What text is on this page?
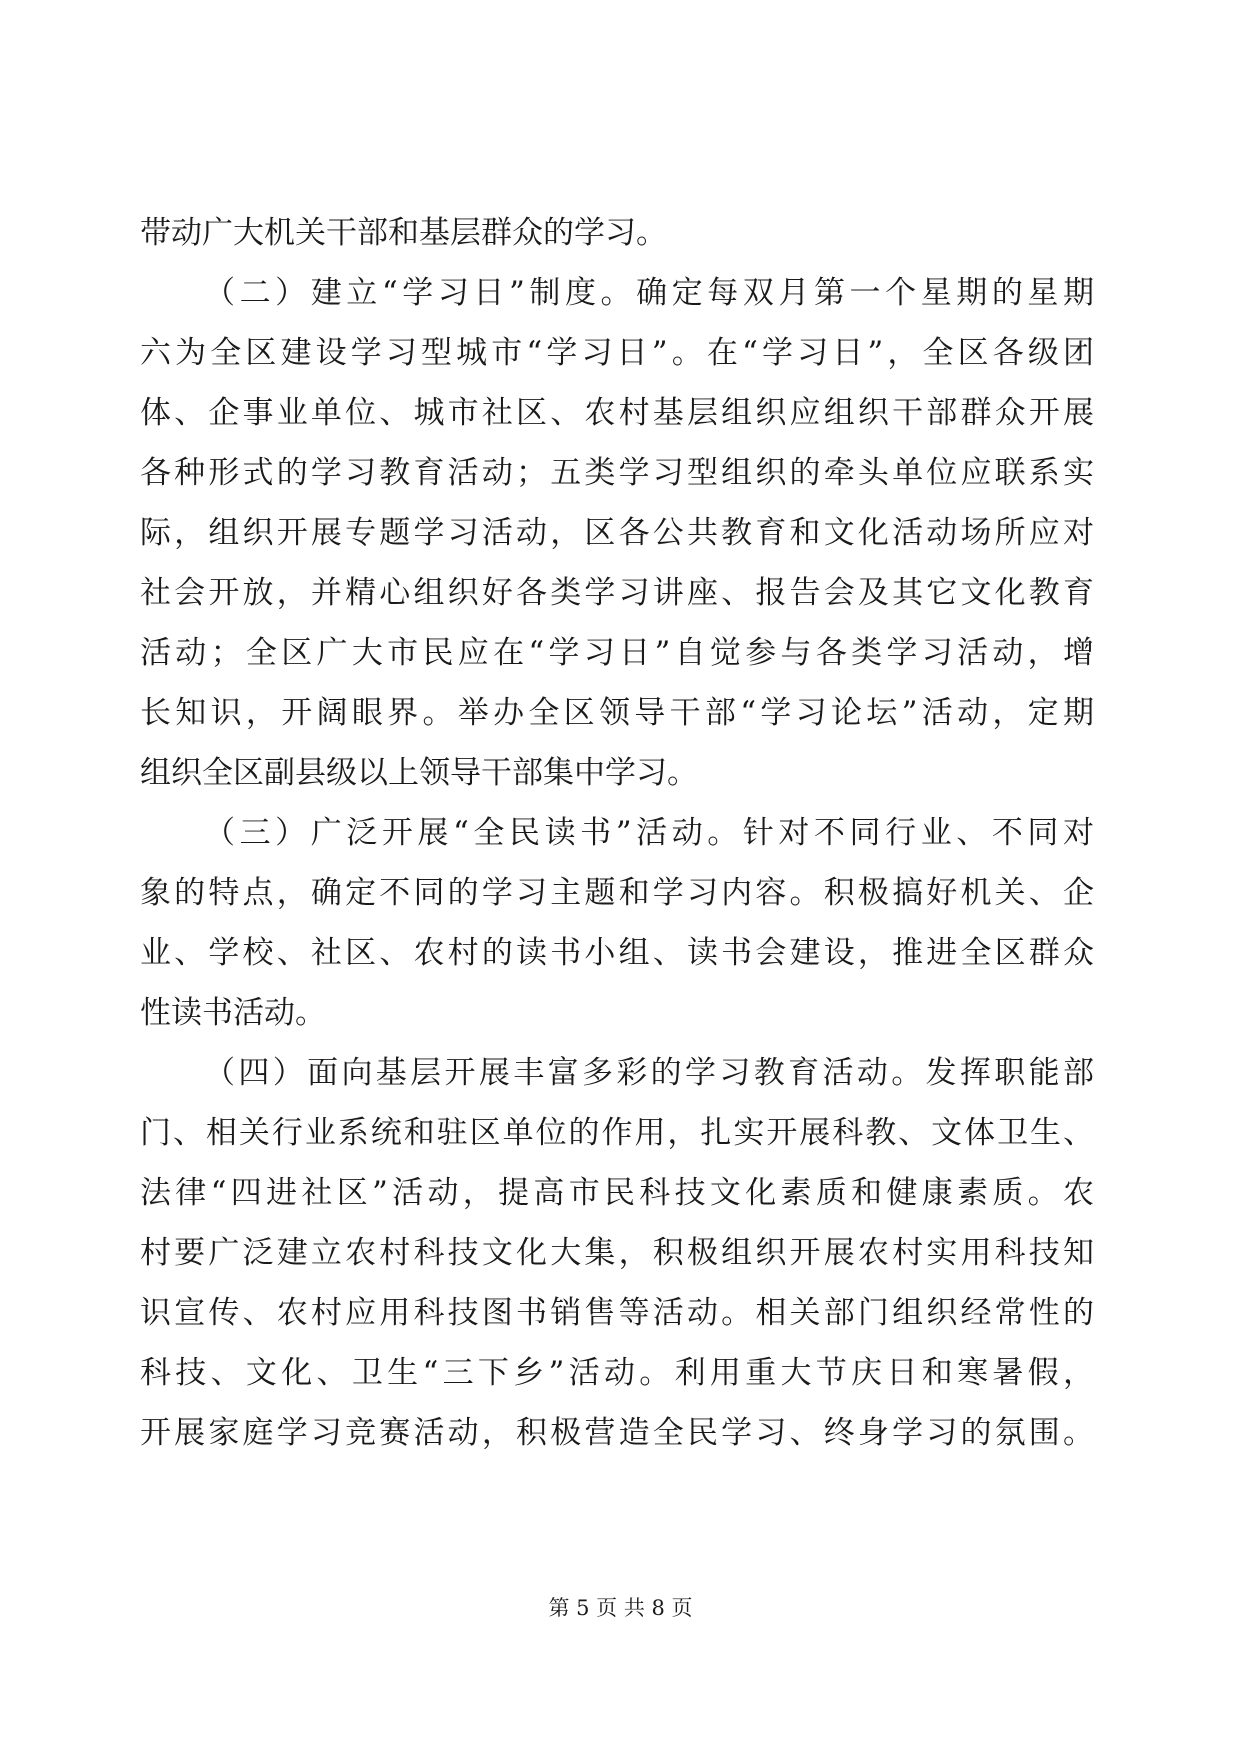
带动广大机关干部和基层群众的学习。
（二）建立“学习日”制度。确定每双月第一个星期的星期
六为全区建设学习型城市“学习日”。在“学习日”，全区各级团
体、企事业单位、城市社区、农村基层组织应组织干部群众开展
各种形式的学习教育活动；五类学习型组织的牵头单位应联系实
际，组织开展专题学习活动，区各公共教育和文化活动场所应对
社会开放，并精心组织好各类学习讲座、报告会及其它文化教育
活动；全区广大市民应在“学习日”自觉参与各类学习活动，增
长知识，开阔眼界。举办全区领导干部“学习论坛”活动，定期
组织全区副县级以上领导干部集中学习。
（三）广泛开展“全民读书”活动。针对不同行业、不同对
象的特点，确定不同的学习主题和学习内容。积极搞好机关、企
业、学校、社区、农村的读书小组、读书会建设，推进全区群众
性读书活动。
（四）面向基层开展丰富多彩的学习教育活动。发挥职能部
门、相关行业系统和驻区单位的作用，扎实开展科教、文体卫生、
法律“四进社区”活动，提高市民科技文化素质和健康素质。农
村要广泛建立农村科技文化大集，积极组织开展农村实用科技知
识宣传、农村应用科技图书销售等活动。相关部门组织经常性的
科技、文化、卫生“三下乡”活动。利用重大节庆日和寒暑假，
开展家庭学习竞赛活动，积极营造全民学习、终身学习的氛围。
第 5 页 共 8 页
